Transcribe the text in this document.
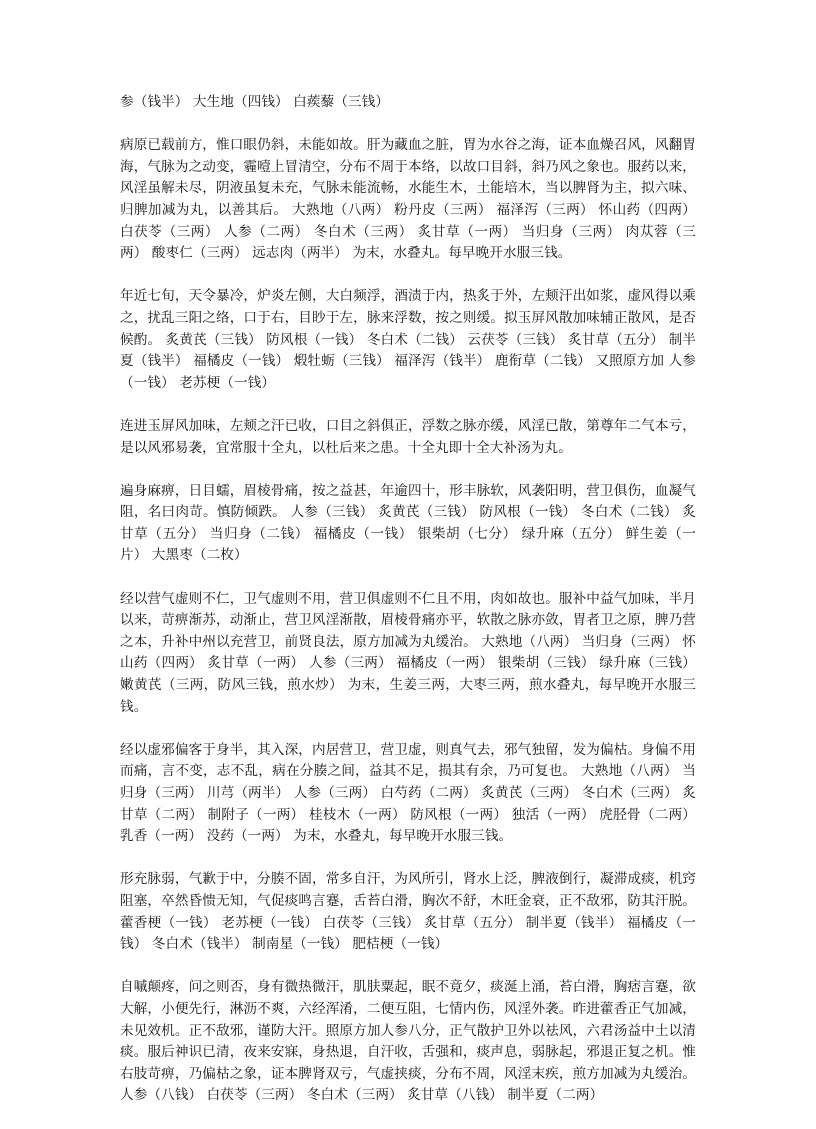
参（钱半） 大生地（四钱） 白蒺藜（三钱）

病原已载前方，惟口眼仍斜，未能如故。肝为藏血之脏，胃为水谷之海，证本血燥召风，风翻胃海，气脉为之动变，霾噎上冒清空，分布不周于本络，以故口目斜，斜乃风之象也。服药以来，风淫虽解未尽，阴液虽复未充，气脉未能流畅，水能生木，土能培木，当以脾肾为主，拟六味、归脾加减为丸，以善其后。 大熟地（八两） 粉丹皮（三两） 福泽泻（三两） 怀山药（四两） 白茯苓（三两） 人参（二两） 冬白术（三两） 炙甘草（一两） 当归身（三两） 肉苁蓉（三两） 酸枣仁（三两） 远志肉（两半） 为末，水叠丸。每早晚开水服三钱。

年近七旬，天令暴冷，炉炎左侧，大白频浮，酒渍于内，热炙于外，左颊汗出如浆，虚风得以乘之，扰乱三阳之络，口于右，目眇于左，脉来浮数，按之则缓。拟玉屏风散加味辅正散风，是否候酌。 炙黄芪（三钱） 防风根（一钱） 冬白术（二钱） 云茯苓（三钱） 炙甘草（五分） 制半夏（钱半） 福橘皮（一钱） 煅牡蛎（三钱） 福泽泻（钱半） 鹿衔草（二钱） 又照原方加 人参（一钱） 老苏梗（一钱）

连进玉屏风加味，左颊之汗已收，口目之斜俱正，浮数之脉亦缓，风淫已散，第尊年二气本亏，是以风邪易袭，宜常服十全丸，以杜后来之患。十全丸即十全大补汤为丸。

遍身麻痹，日目蠕，眉棱骨痛，按之益甚，年逾四十，形丰脉软，风袭阳明，营卫俱伤，血凝气阻，名曰肉苛。慎防倾跌。 人参（三钱） 炙黄芪（三钱） 防风根（一钱） 冬白术（二钱） 炙甘草（五分） 当归身（二钱） 福橘皮（一钱） 银柴胡（七分） 绿升麻（五分） 鲜生姜（一片） 大黑枣（二枚）

经以营气虚则不仁，卫气虚则不用，营卫俱虚则不仁且不用，肉如故也。服补中益气加味，半月以来，苛痹渐苏，动渐止，营卫风淫渐散，眉棱骨痛亦平，软散之脉亦敛，胃者卫之原，脾乃营之本，升补中州以充营卫，前贤良法，原方加减为丸缓治。 大熟地（八两） 当归身（三两） 怀山药（四两） 炙甘草（一两） 人参（三两） 福橘皮（一两） 银柴胡（三钱） 绿升麻（三钱） 嫩黄芪（三两，防风三钱，煎水炒） 为末，生姜三两，大枣三两，煎水叠丸，每早晚开水服三钱。

经以虚邪偏客于身半，其入深，内居营卫，营卫虚，则真气去，邪气独留，发为偏枯。身偏不用而痛，言不变，志不乱，病在分腠之间，益其不足，损其有余，乃可复也。 大熟地（八两） 当归身（三两） 川芎（两半） 人参（三两） 白芍药（二两） 炙黄芪（三两） 冬白术（三两） 炙甘草（二两） 制附子（一两） 桂枝木（一两） 防风根（一两） 独活（一两） 虎胫骨（二两） 乳香（一两） 没药（一两） 为末，水叠丸，每早晚开水服三钱。

形充脉弱，气歉于中，分腠不固，常多自汗，为风所引，肾水上泛，脾液倒行，凝滞成痰，机窍阻塞，卒然昏愦无知，气促痰鸣言蹇，舌苔白滑，胸次不舒，木旺金衰，正不敌邪，防其汗脱。 藿香梗（一钱） 老苏梗（一钱） 白茯苓（三钱） 炙甘草（五分） 制半夏（钱半） 福橘皮（一钱） 冬白术（钱半） 制南星（一钱） 肥桔梗（一钱）

自嘁颠疼，问之则否，身有微热微汗，肌肤粟起，眠不竟夕，痰涎上涌，苔白滑，胸痞言蹇，欲大解，小便先行，淋沥不爽，六经浑淆，二便互阻，七情内伤，风淫外袭。昨进藿香正气加减，未见效机。正不敌邪，谨防大汗。照原方加人参八分，正气散护卫外以祛风，六君汤益中土以清痰。服后神识已清，夜来安寐，身热退，自汗收，舌强和，痰声息，弱脉起，邪退正复之机。惟右肢苛痹，乃偏枯之象，证本脾肾双亏，气虚挟痰，分布不周，风淫末疾，煎方加减为丸缓治。 人参（八钱） 白茯苓（三两） 冬白术（三两） 炙甘草（八钱） 制半夏（二两）
